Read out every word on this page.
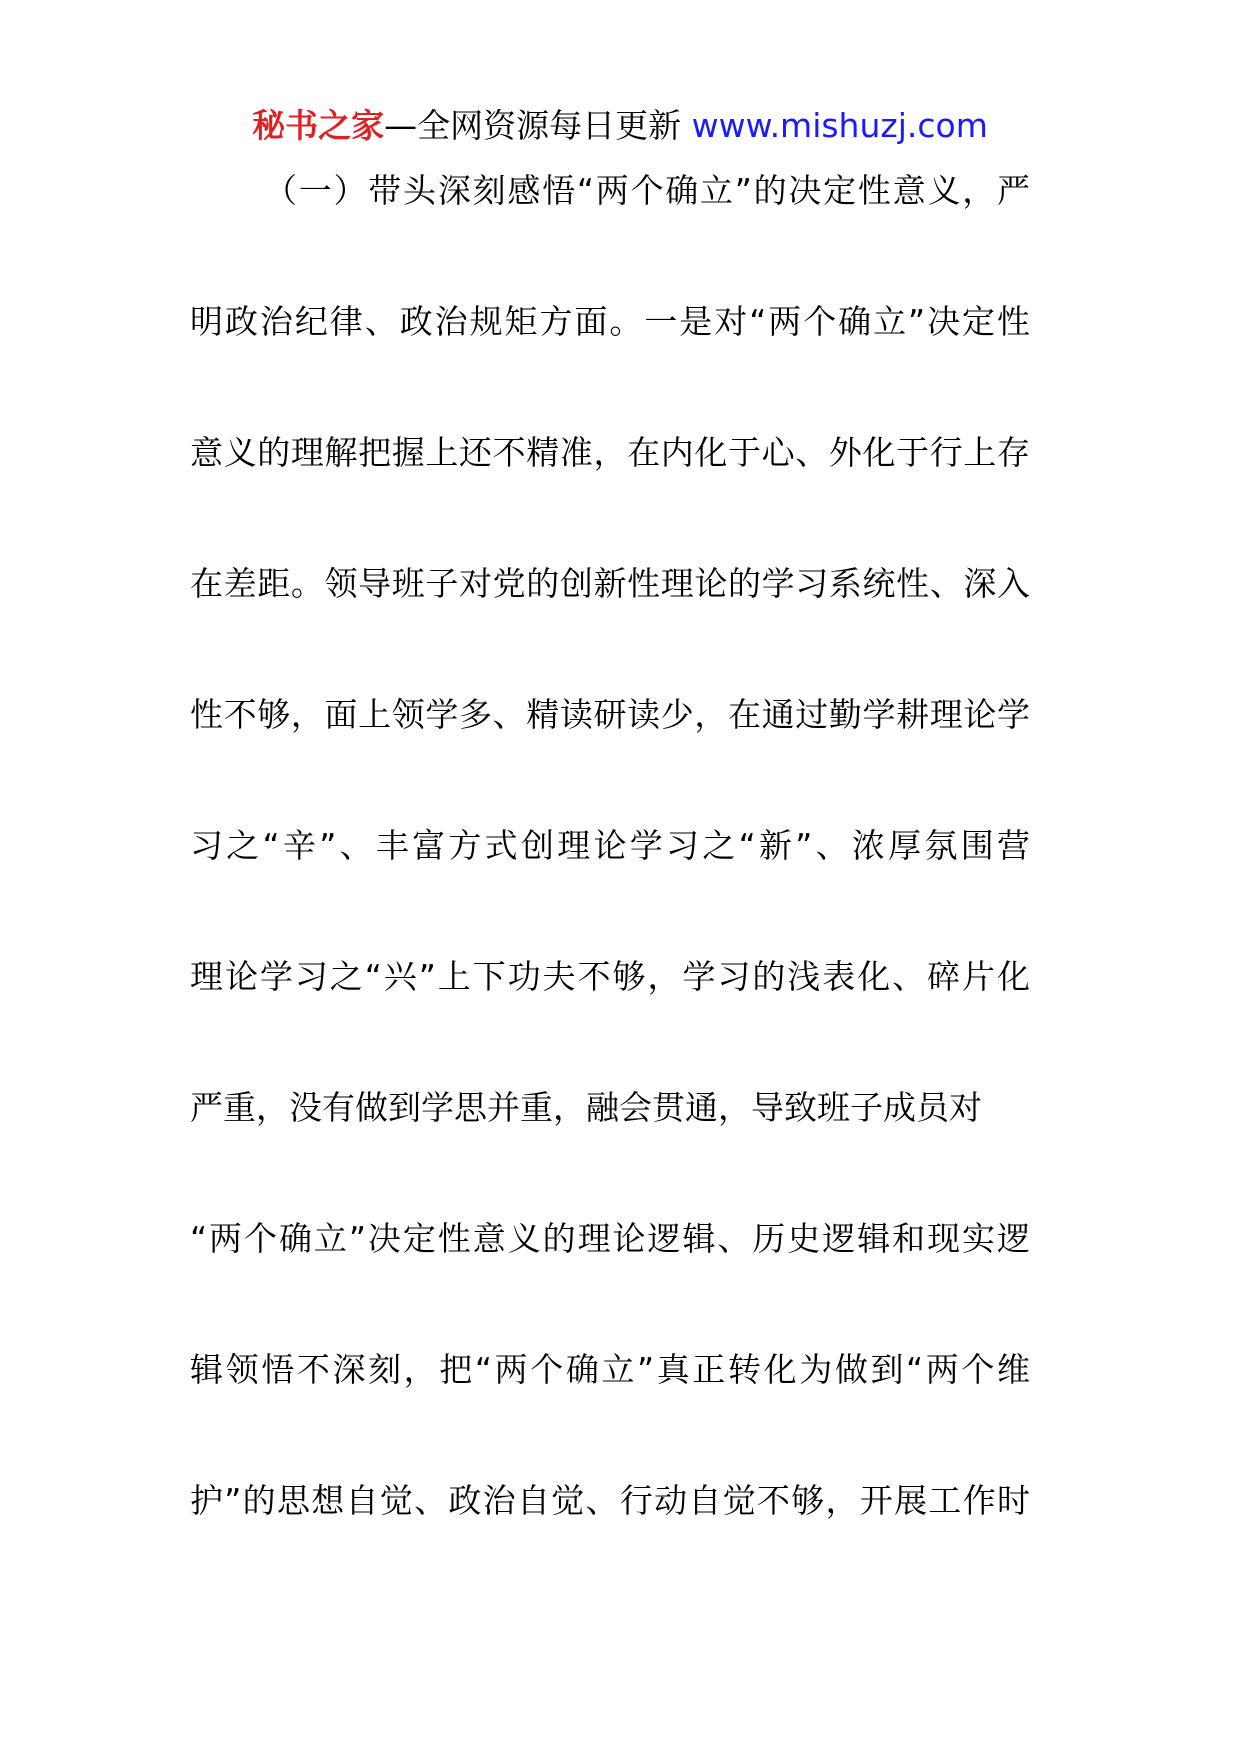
秘书之家—全网资源每日更新 www.mishuzj.com
（一）带头深刻感悟“两个确立”的决定性意义，严
明政治纪律、政治规矩方面。一是对“两个确立”决定性
意义的理解把握上还不精准，在内化于心、外化于行上存
在差距。领导班子对党的创新性理论的学习系统性、深入
性不够，面上领学多、精读研读少，在通过勤学耕理论学
习之“辛”、丰富方式创理论学习之“新”、浓厚氛围营
理论学习之“兴”上下功夫不够，学习的浅表化、碎片化
严重，没有做到学思并重，融会贯通，导致班子成员对
“两个确立”决定性意义的理论逻辑、历史逻辑和现实逻
辑领悟不深刻，把“两个确立”真正转化为做到“两个维
护”的思想自觉、政治自觉、行动自觉不够，开展工作时
